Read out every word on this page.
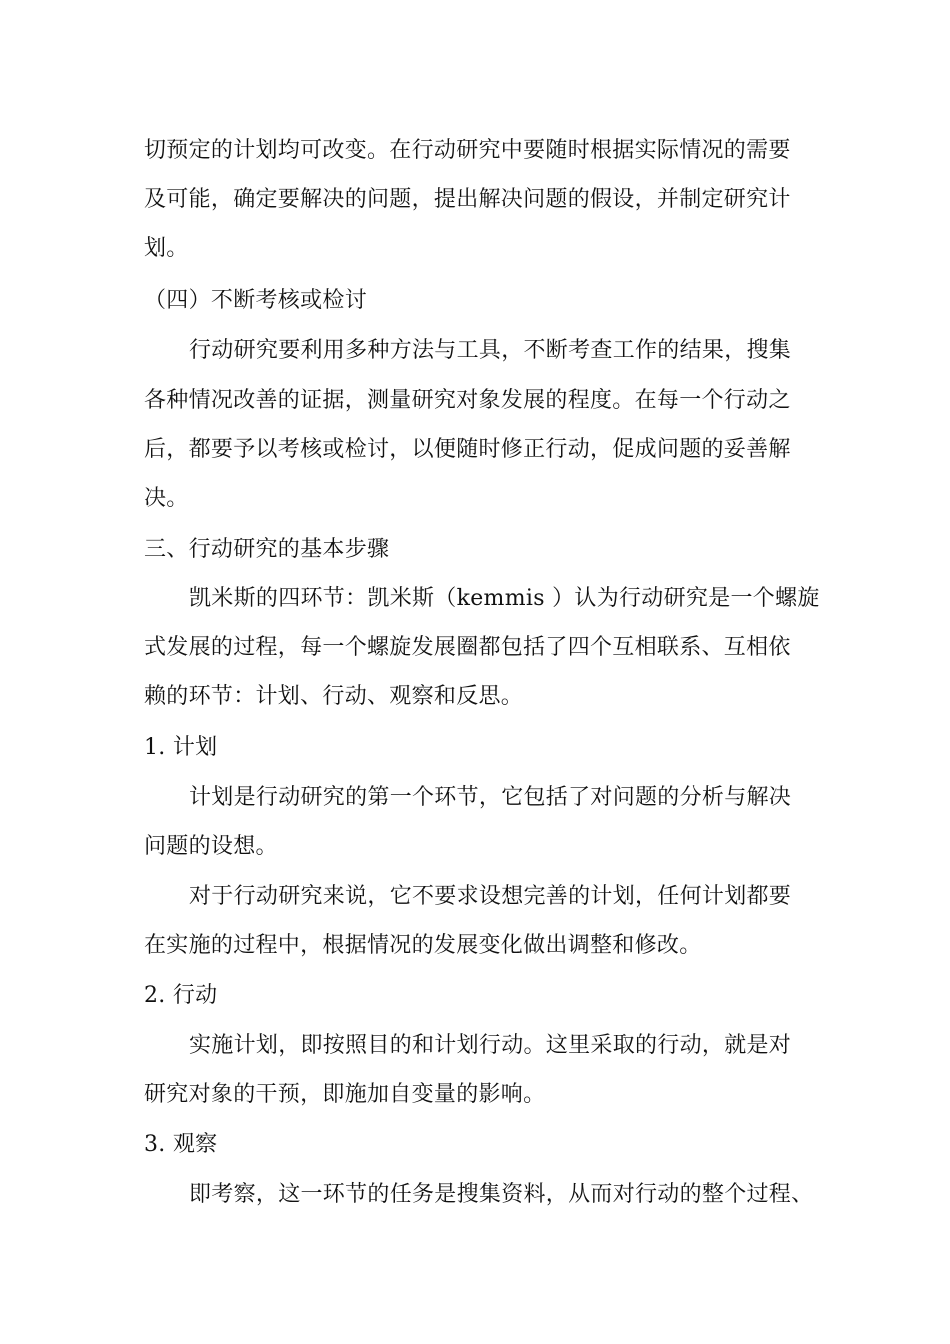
切预定的计划均可改变。在行动研究中要随时根据实际情况的需要
及可能，确定要解决的问题，提出解决问题的假设，并制定研究计
划。
（四）不断考核或检讨
行动研究要利用多种方法与工具，不断考查工作的结果，搜集
各种情况改善的证据，测量研究对象发展的程度。在每一个行动之
后，都要予以考核或检讨，以便随时修正行动，促成问题的妥善解
决。
三、行动研究的基本步骤
凯米斯的四环节：凯米斯（kemmis ）认为行动研究是一个螺旋
式发展的过程，每一个螺旋发展圈都包括了四个互相联系、互相依
赖的环节：计划、行动、观察和反思。
1. 计划
计划是行动研究的第一个环节，它包括了对问题的分析与解决
问题的设想。
对于行动研究来说，它不要求设想完善的计划，任何计划都要
在实施的过程中，根据情况的发展变化做出调整和修改。
2. 行动
实施计划，即按照目的和计划行动。这里采取的行动，就是对
研究对象的干预，即施加自变量的影响。
3. 观察
即考察，这一环节的任务是搜集资料，从而对行动的整个过程、
